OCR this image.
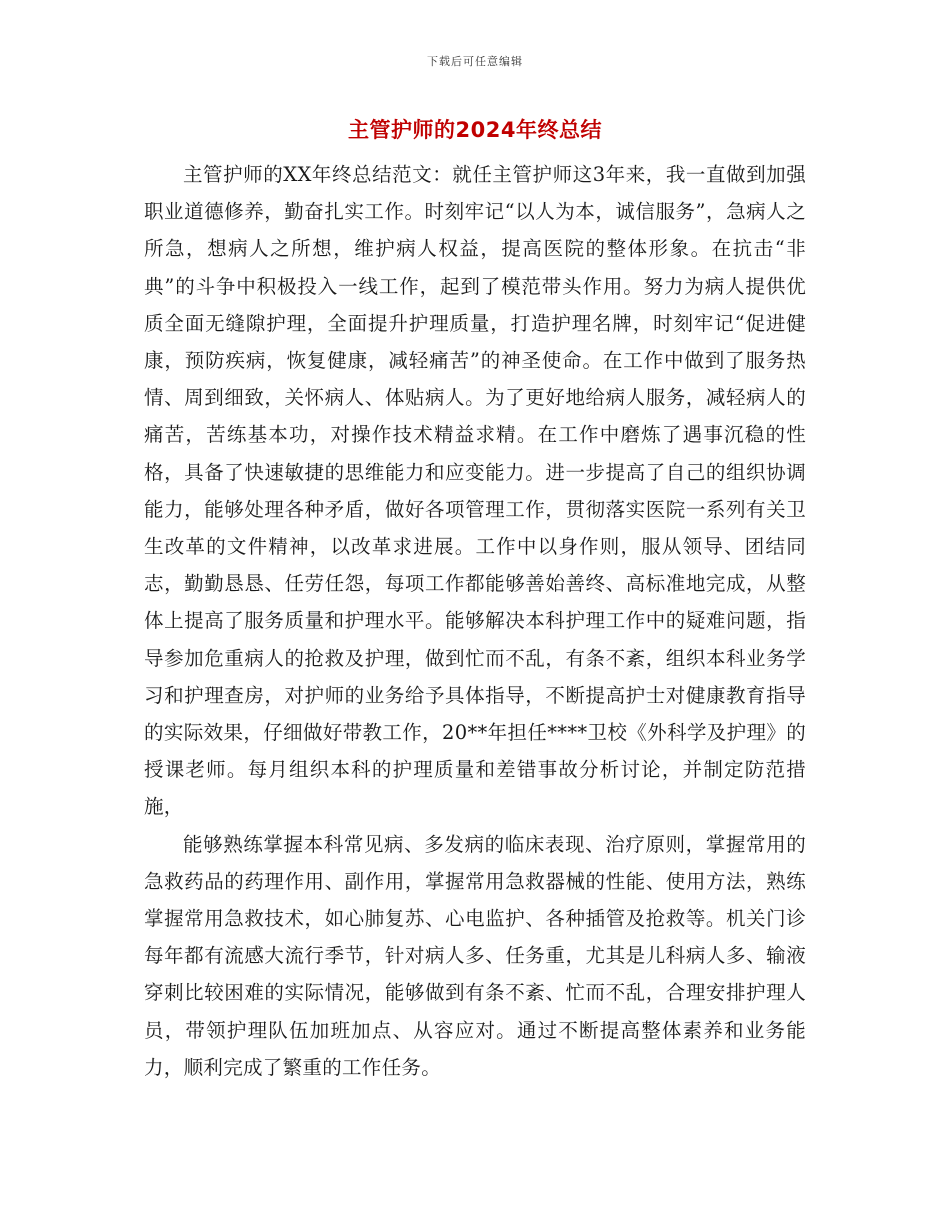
下载后可任意编辑
主管护师的2024年终总结

主管护师的XX年终总结范文：就任主管护师这3年来，我一直做到加强职业道德修养，勤奋扎实工作。时刻牢记“以人为本，诚信服务”，急病人之所急，想病人之所想，维护病人权益，提高医院的整体形象。在抗击“非典”的斗争中积极投入一线工作，起到了模范带头作用。努力为病人提供优质全面无缝隙护理，全面提升护理质量，打造护理名牌，时刻牢记“促进健康，预防疾病，恢复健康，减轻痛苦”的神圣使命。在工作中做到了服务热情、周到细致，关怀病人、体贴病人。为了更好地给病人服务，减轻病人的痛苦，苦练基本功，对操作技术精益求精。在工作中磨炼了遇事沉稳的性格，具备了快速敏捷的思维能力和应变能力。进一步提高了自己的组织协调能力，能够处理各种矛盾，做好各项管理工作，贯彻落实医院一系列有关卫生改革的文件精神，以改革求进展。工作中以身作则，服从领导、团结同志，勤勤恳恳、任劳任怨，每项工作都能够善始善终、高标准地完成，从整体上提高了服务质量和护理水平。能够解决本科护理工作中的疑难问题，指导参加危重病人的抢救及护理，做到忙而不乱，有条不紊，组织本科业务学习和护理查房，对护师的业务给予具体指导，不断提高护士对健康教育指导的实际效果，仔细做好带教工作，20**年担任****卫校《外科学及护理》的授课老师。每月组织本科的护理质量和差错事故分析讨论，并制定防范措施，

能够熟练掌握本科常见病、多发病的临床表现、治疗原则，掌握常用的急救药品的药理作用、副作用，掌握常用急救器械的性能、使用方法，熟练掌握常用急救技术，如心肺复苏、心电监护、各种插管及抢救等。机关门诊每年都有流感大流行季节，针对病人多、任务重，尤其是儿科病人多、输液穿刺比较困难的实际情况，能够做到有条不紊、忙而不乱，合理安排护理人员，带领护理队伍加班加点、从容应对。通过不断提高整体素养和业务能力，顺利完成了繁重的工作任务。
